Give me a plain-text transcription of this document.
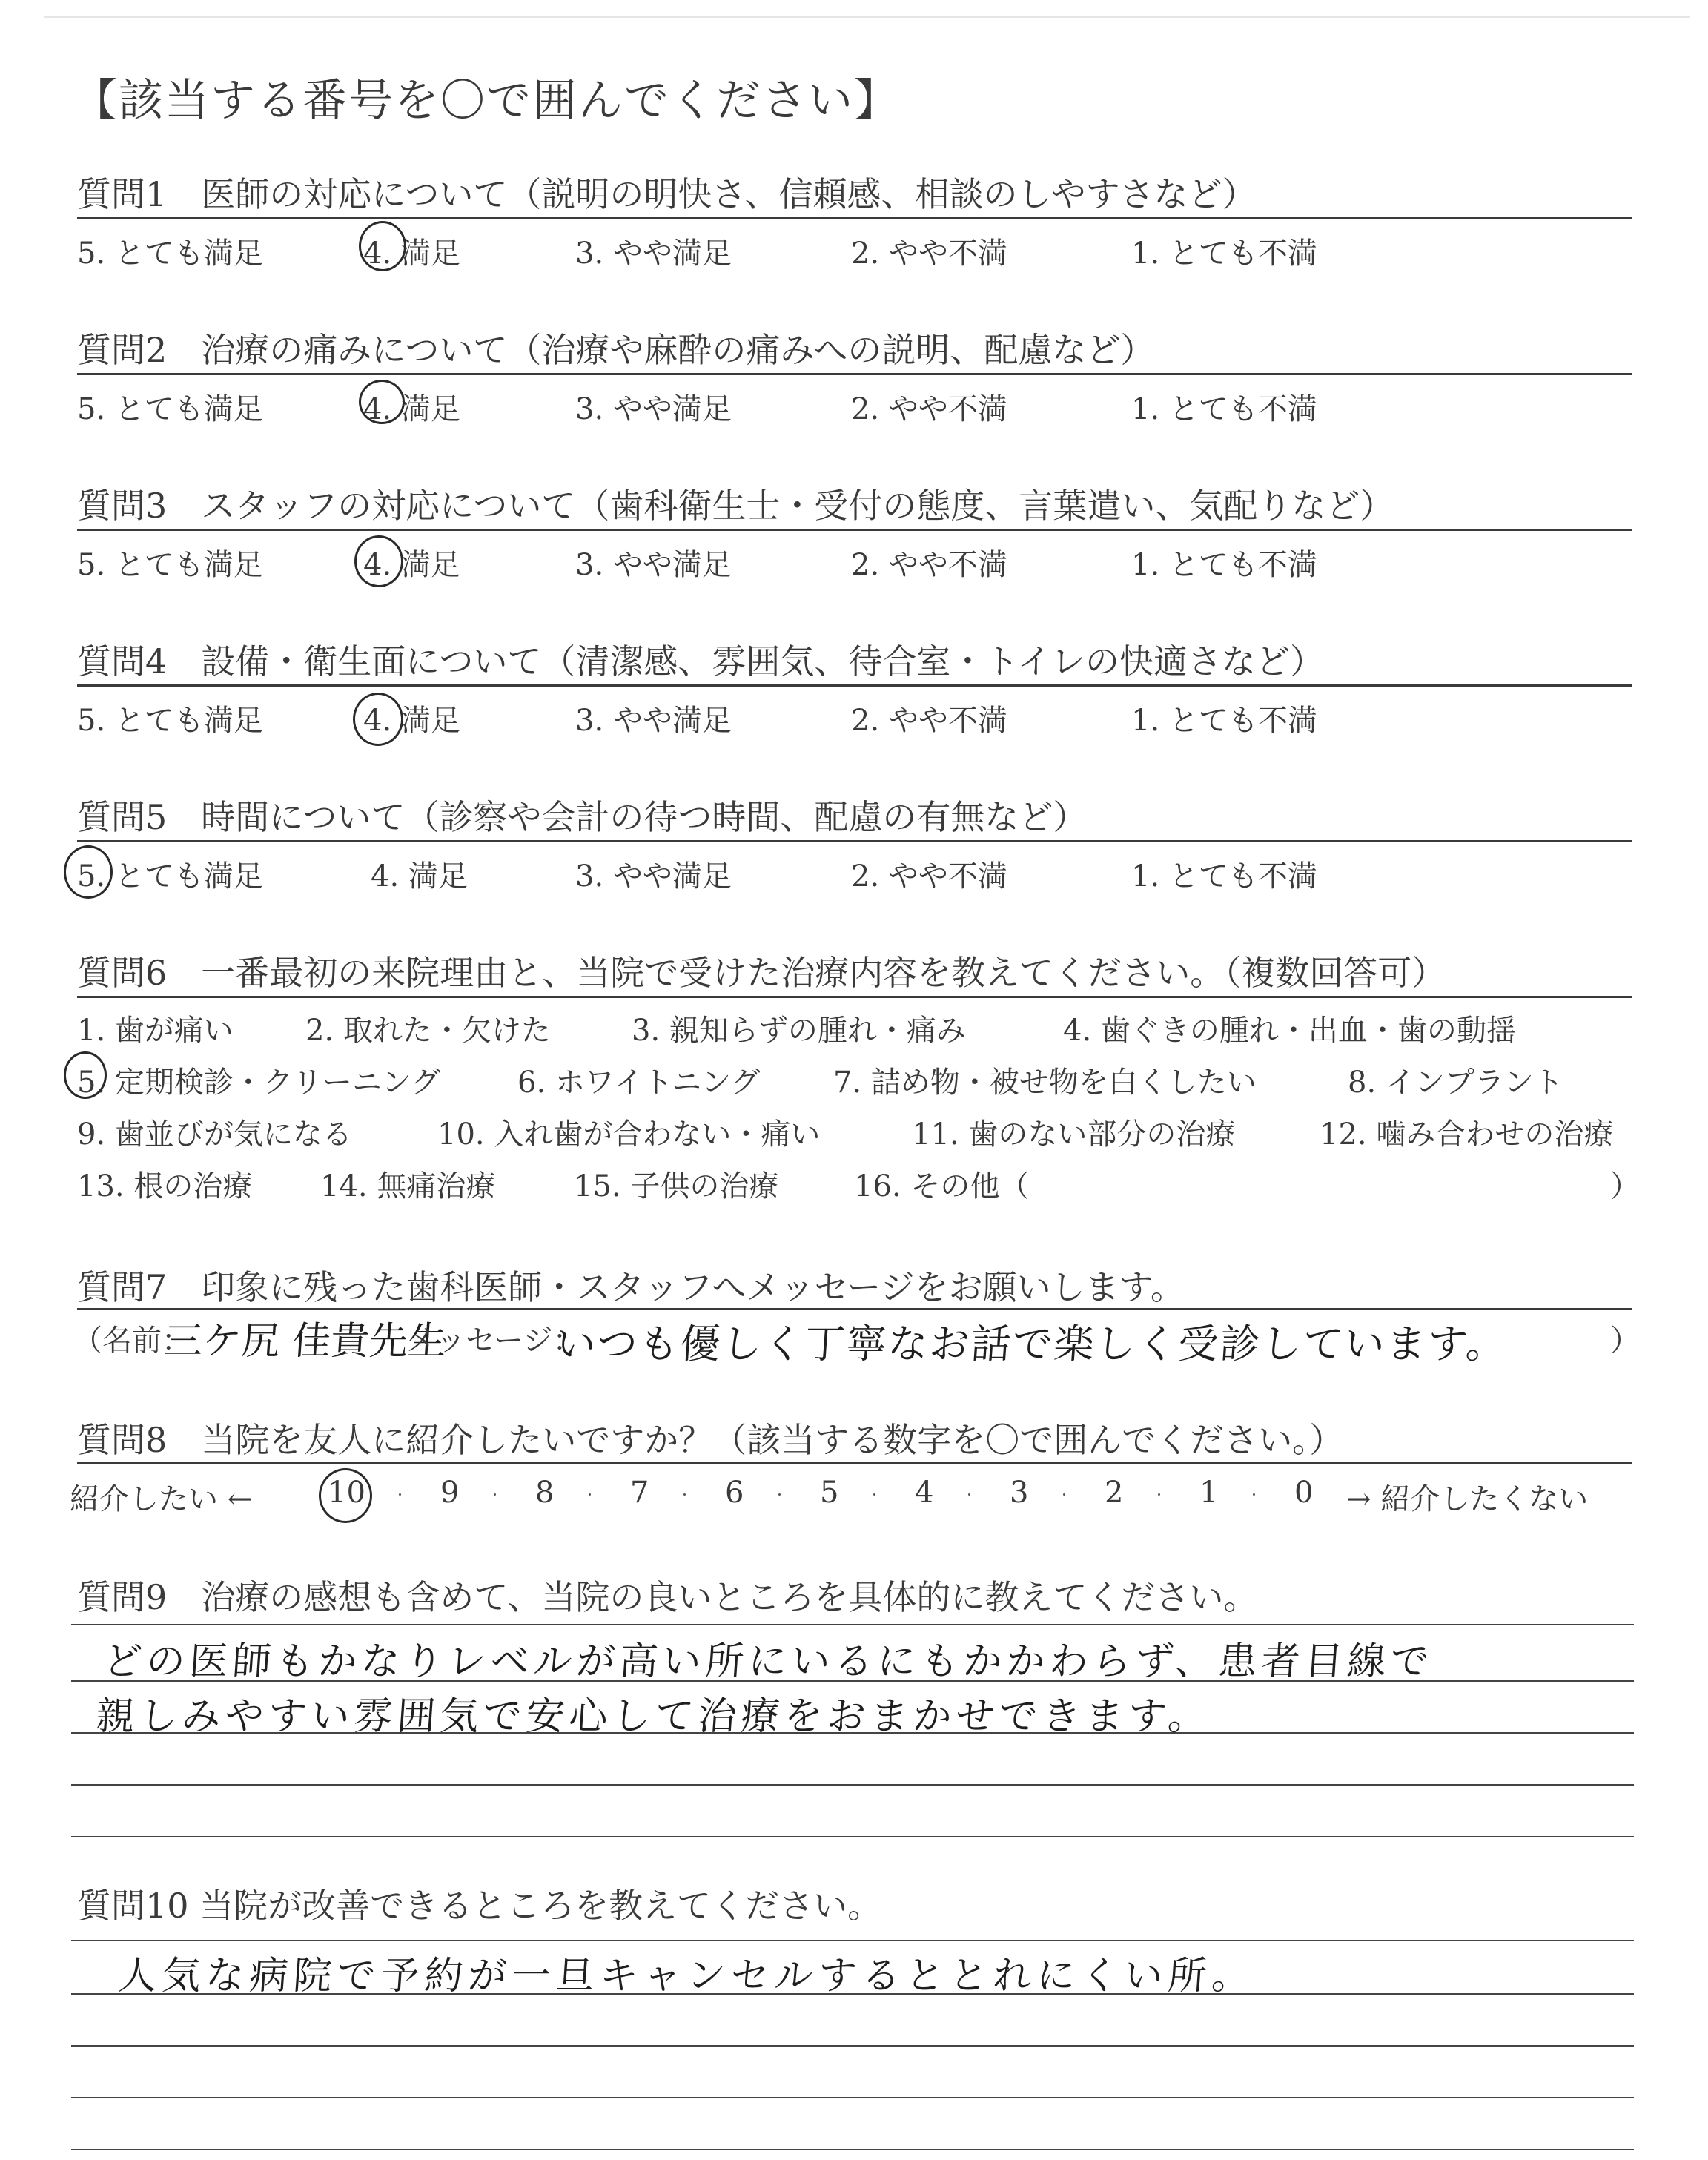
【該当する番号を〇で囲んでください】
質問1　医師の対応について（説明の明快さ、信頼感、相談のしやすさなど）
5. とても満足	4. 満足	3. やや満足	2. やや不満	1. とても不満
質問2　治療の痛みについて（治療や麻酔の痛みへの説明、配慮など）
5. とても満足	4. 満足	3. やや満足	2. やや不満	1. とても不満
質問3　スタッフの対応について（歯科衛生士・受付の態度、言葉遣い、気配りなど）
5. とても満足	4. 満足	3. やや満足	2. やや不満	1. とても不満
質問4　設備・衛生面について（清潔感、雰囲気、待合室・トイレの快適さなど）
5. とても満足	4. 満足	3. やや満足	2. やや不満	1. とても不満
質問5　時間について（診察や会計の待つ時間、配慮の有無など）
5. とても満足	4. 満足	3. やや満足	2. やや不満	1. とても不満
質問6　一番最初の来院理由と、当院で受けた治療内容を教えてください。（複数回答可）
1. 歯が痛い 2. 取れた・欠けた	3. 親知らずの腫れ・痛み	4. 歯ぐきの腫れ・出血・歯の動揺
5. 定期検診・クリーニング	6. ホワイトニング 7. 詰め物・被せ物を白くしたい	8. インプラント
9. 歯並びが気になる	10. 入れ歯が合わない・痛い	11. 歯のない部分の治療	12. 噛み合わせの治療
13. 根の治療 14. 無痛治療	15. 子供の治療	16. その他（	）
質問7　印象に残った歯科医師・スタッフへメッセージをお願いします。
（名前：
三ケ尻 佳貴先生
メッセージ：
いつも優しく丁寧なお話で楽しく受診しています。	）
質問8　当院を友人に紹介したいですか？（該当する数字を〇で囲んでください。）
紹介したい ←	10	9	8	7	6	5	4	3	2	1	0 → 紹介したくない
質問9　治療の感想も含めて、当院の良いところを具体的に教えてください。
どの医師もかなりレベルが高い所にいるにもかかわらず、患者目線で
親しみやすい雰囲気で安心して治療をおまかせできます。
質問10 当院が改善できるところを教えてください。
人気な病院で予約が一旦キャンセルするととれにくい所。
